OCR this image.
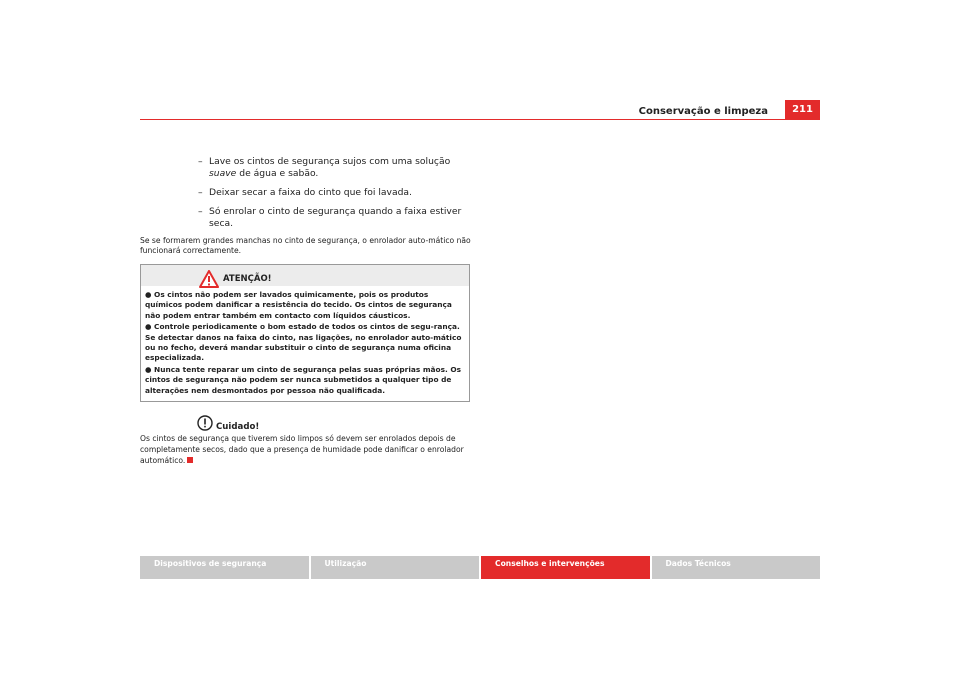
Conservação e limpeza	211
– Lave os cintos de segurança sujos com uma solução suave de água e sabão.
– Deixar secar a faixa do cinto que foi lavada.
– Só enrolar o cinto de segurança quando a faixa estiver seca.
Se se formarem grandes manchas no cinto de segurança, o enrolador auto-mático não funcionará correctamente.
ATENÇÃO!
● Os cintos não podem ser lavados quimicamente, pois os produtos químicos podem danificar a resistência do tecido. Os cintos de segurança não podem entrar também em contacto com líquidos cáusticos.
● Controle periodicamente o bom estado de todos os cintos de segu-rança. Se detectar danos na faixa do cinto, nas ligações, no enrolador auto-mático ou no fecho, deverá mandar substituir o cinto de segurança numa oficina especializada.
● Nunca tente reparar um cinto de segurança pelas suas próprias mãos. Os cintos de segurança não podem ser nunca submetidos a qualquer tipo de alterações nem desmontados por pessoa não qualificada.
Cuidado!
Os cintos de segurança que tiverem sido limpos só devem ser enrolados depois de completamente secos, dado que a presença de humidade pode danificar o enrolador automático.
Dispositivos de segurança	Utilização	Conselhos e intervenções	Dados Técnicos
